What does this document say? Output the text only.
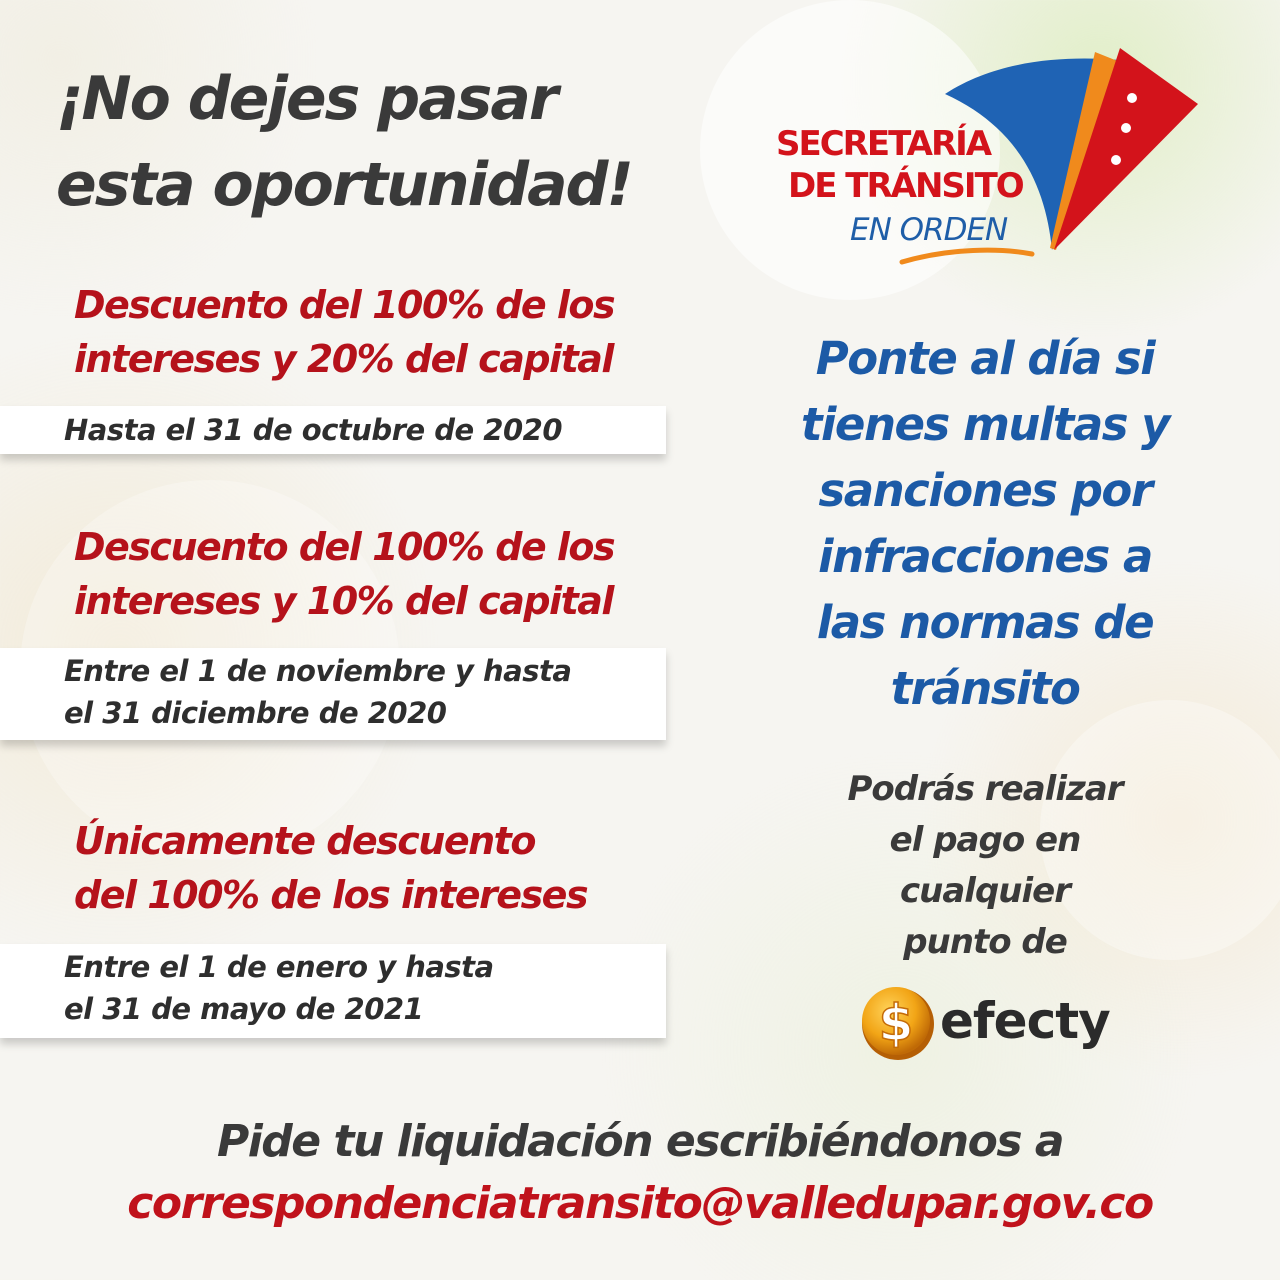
¡No dejes pasar
esta oportunidad!
Descuento del 100% de los
intereses y 20% del capital

Hasta el 31 de octubre de 2020

Descuento del 100% de los
intereses y 10% del capital

Entre el 1 de noviembre y hasta
el 31 diciembre de 2020

Únicamente descuento
del 100% de los intereses

Entre el 1 de enero y hasta
el 31 de mayo de 2021

SECRETARÍA
DE TRÁNSITO
EN ORDEN

Ponte al día si
tienes multas y
sanciones por
infracciones a
las normas de
tránsito

Podrás realizar
el pago en
cualquier
punto de

$ efecty

Pide tu liquidación escribiéndonos a

correspondenciatransito@valledupar.gov.co
